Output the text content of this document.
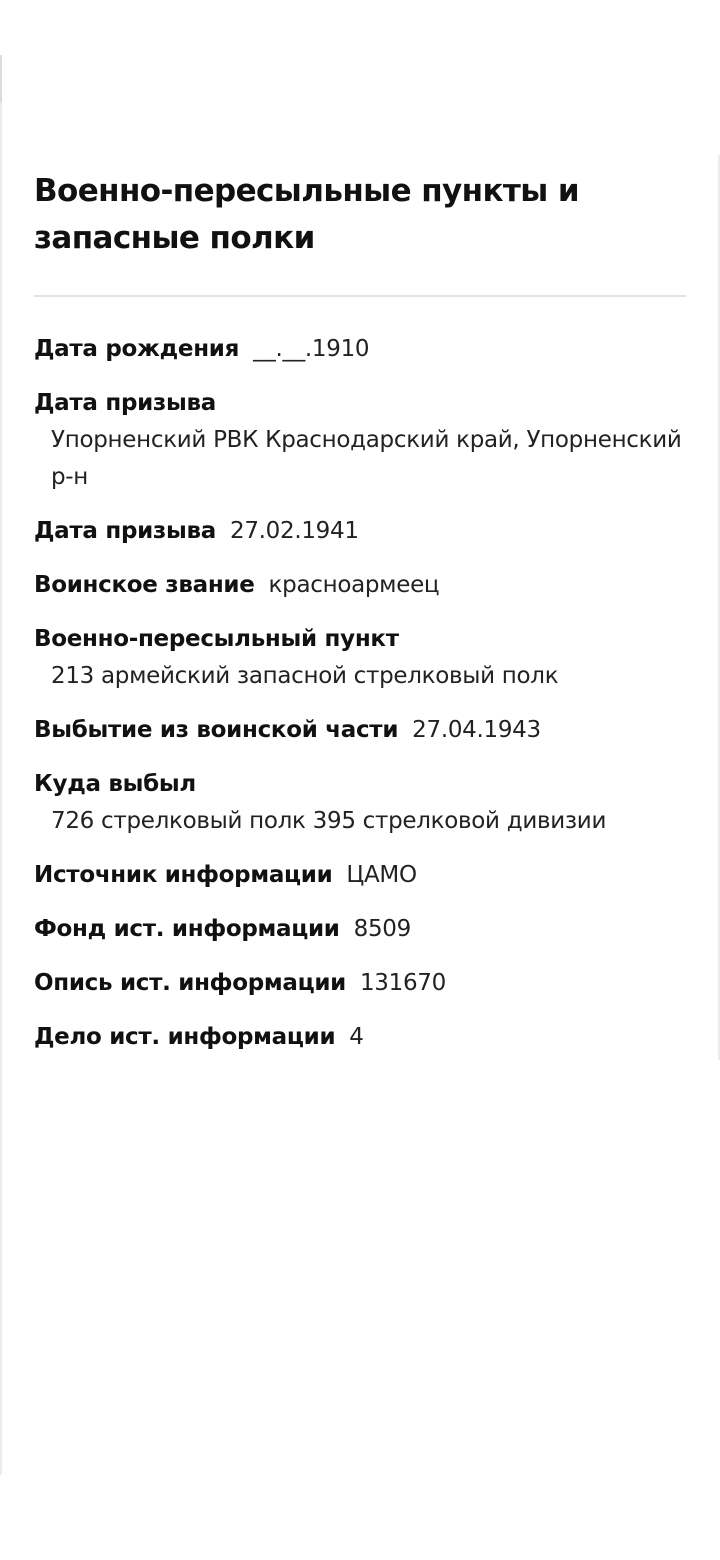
Военно-пересыльные пункты и запасные полки
Дата рождения __.__.1910
Дата призыва
Упорненский РВК Краснодарский край, Упорненский р-н
Дата призыва 27.02.1941
Воинское звание красноармеец
Военно-пересыльный пункт
213 армейский запасной стрелковый полк
Выбытие из воинской части 27.04.1943
Куда выбыл
726 стрелковый полк 395 стрелковой дивизии
Источник информации ЦАМО
Фонд ист. информации 8509
Опись ист. информации 131670
Дело ист. информации 4
